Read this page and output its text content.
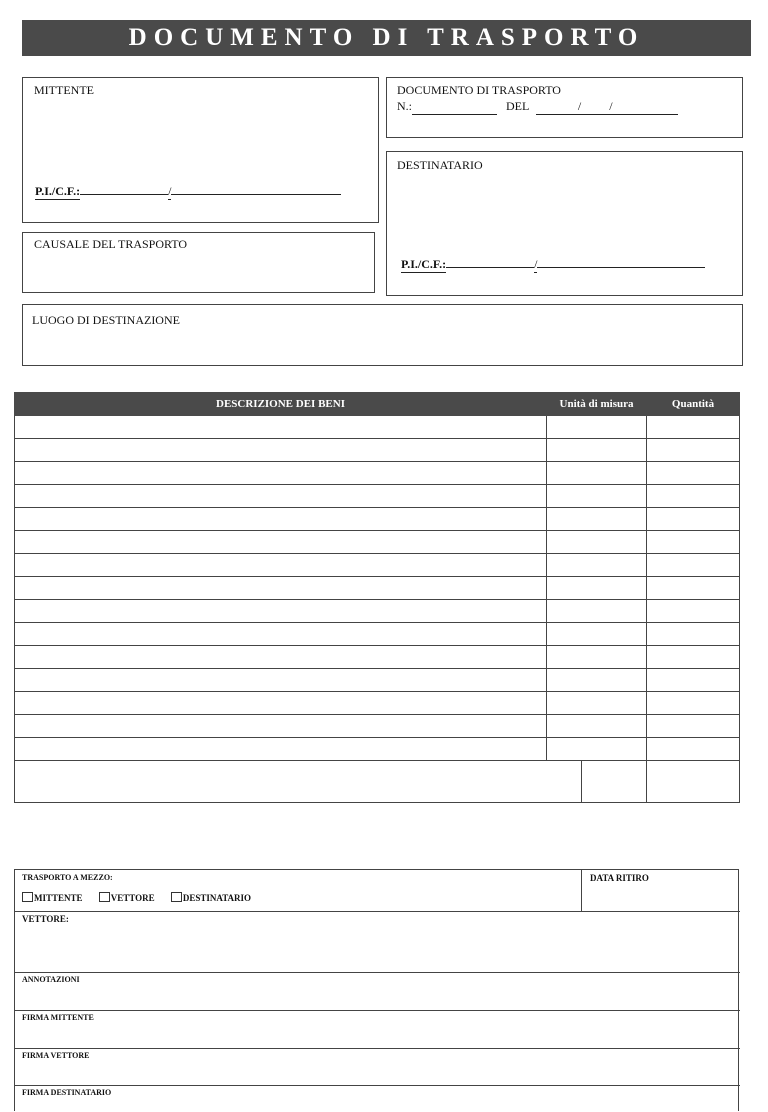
DOCUMENTO DI TRASPORTO
MITTENTE
P.I./C.F.:	/
DOCUMENTO DI TRASPORTO
N.:	DEL	/ /
DESTINATARIO
P.I./C.F.:	/
CAUSALE DEL TRASPORTO
LUOGO DI DESTINAZIONE
DESCRIZIONE DEI BENI	Unità di misura	Quantità

TRASPORTO A MEZZO:
MITTENTE	VETTORE	DESTINATARIO
DATA RITIRO
VETTORE:
ANNOTAZIONI
FIRMA MITTENTE
FIRMA VETTORE
FIRMA DESTINATARIO
